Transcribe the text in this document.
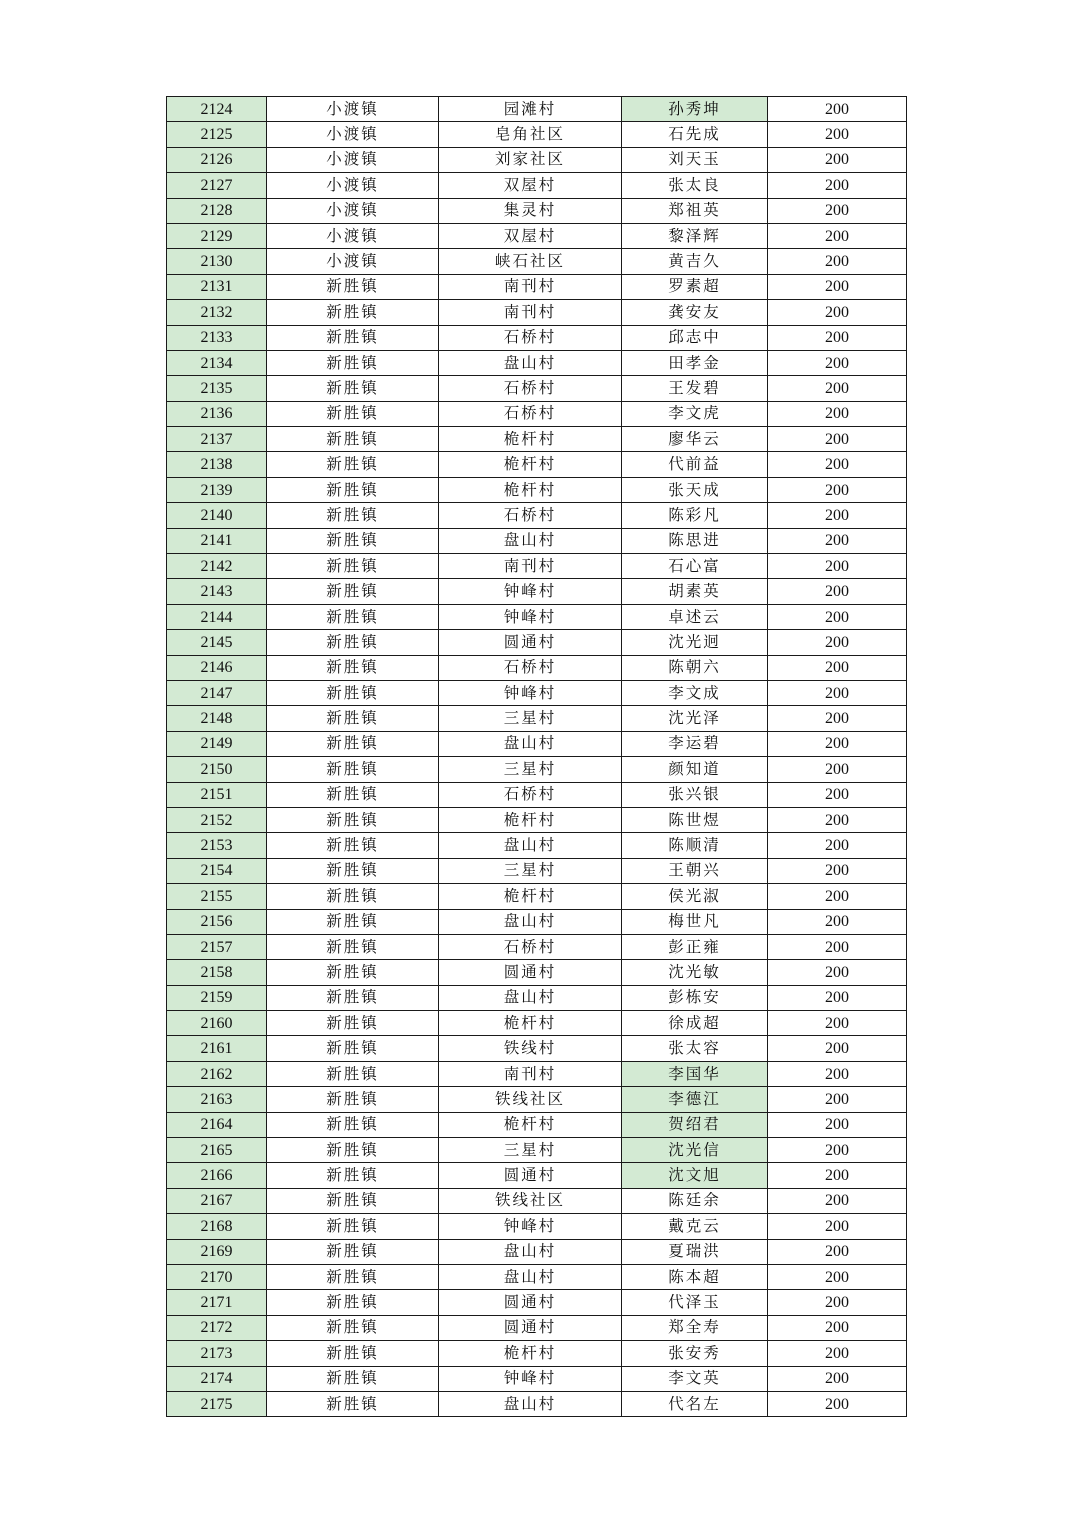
2124	小渡镇	园滩村	孙秀坤	200
2125	小渡镇	皂角社区	石先成	200
2126	小渡镇	刘家社区	刘天玉	200
2127	小渡镇	双屋村	张太良	200
2128	小渡镇	集灵村	郑祖英	200
2129	小渡镇	双屋村	黎泽辉	200
2130	小渡镇	峡石社区	黄吉久	200
2131	新胜镇	南刊村	罗素超	200
2132	新胜镇	南刊村	龚安友	200
2133	新胜镇	石桥村	邱志中	200
2134	新胜镇	盘山村	田孝金	200
2135	新胜镇	石桥村	王发碧	200
2136	新胜镇	石桥村	李文虎	200
2137	新胜镇	桅杆村	廖华云	200
2138	新胜镇	桅杆村	代前益	200
2139	新胜镇	桅杆村	张天成	200
2140	新胜镇	石桥村	陈彩凡	200
2141	新胜镇	盘山村	陈思进	200
2142	新胜镇	南刊村	石心富	200
2143	新胜镇	钟峰村	胡素英	200
2144	新胜镇	钟峰村	卓述云	200
2145	新胜镇	圆通村	沈光迥	200
2146	新胜镇	石桥村	陈朝六	200
2147	新胜镇	钟峰村	李文成	200
2148	新胜镇	三星村	沈光泽	200
2149	新胜镇	盘山村	李运碧	200
2150	新胜镇	三星村	颜知道	200
2151	新胜镇	石桥村	张兴银	200
2152	新胜镇	桅杆村	陈世煜	200
2153	新胜镇	盘山村	陈顺清	200
2154	新胜镇	三星村	王朝兴	200
2155	新胜镇	桅杆村	侯光淑	200
2156	新胜镇	盘山村	梅世凡	200
2157	新胜镇	石桥村	彭正雍	200
2158	新胜镇	圆通村	沈光敏	200
2159	新胜镇	盘山村	彭栋安	200
2160	新胜镇	桅杆村	徐成超	200
2161	新胜镇	铁线村	张太容	200
2162	新胜镇	南刊村	李国华	200
2163	新胜镇	铁线社区	李德江	200
2164	新胜镇	桅杆村	贺绍君	200
2165	新胜镇	三星村	沈光信	200
2166	新胜镇	圆通村	沈文旭	200
2167	新胜镇	铁线社区	陈廷余	200
2168	新胜镇	钟峰村	戴克云	200
2169	新胜镇	盘山村	夏瑞洪	200
2170	新胜镇	盘山村	陈本超	200
2171	新胜镇	圆通村	代泽玉	200
2172	新胜镇	圆通村	郑全寿	200
2173	新胜镇	桅杆村	张安秀	200
2174	新胜镇	钟峰村	李文英	200
2175	新胜镇	盘山村	代名左	200
